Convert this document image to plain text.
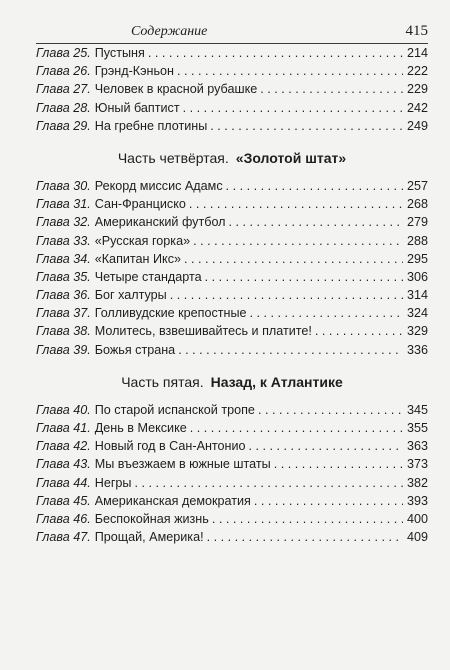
Содержание	415
Глава 25. Пустыня . . .	214
Глава 26. Грэнд-Кэньон . . .	222
Глава 27. Человек в красной рубашке . . .	229
Глава 28. Юный баптист . . .	242
Глава 29. На гребне плотины . . .	249
Часть четвёртая. «Золотой штат»
Глава 30. Рекорд миссис Адамс . . .	257
Глава 31. Сан-Франциско . . .	268
Глава 32. Американский футбол . . .	279
Глава 33. «Русская горка» . . .	288
Глава 34. «Капитан Икс» . . .	295
Глава 35. Четыре стандарта . . .	306
Глава 36. Бог халтуры . . .	314
Глава 37. Голливудские крепостные . . .	324
Глава 38. Молитесь, взвешивайтесь и платите! . . .	329
Глава 39. Божья страна . . .	336
Часть пятая. Назад, к Атлантике
Глава 40. По старой испанской тропе . . .	345
Глава 41. День в Мексике . . .	355
Глава 42. Новый год в Сан-Антонио . . .	363
Глава 43. Мы въезжаем в южные штаты . . .	373
Глава 44. Негры . . .	382
Глава 45. Американская демократия . . .	393
Глава 46. Беспокойная жизнь . . .	400
Глава 47. Прощай, Америка! . . .	409
